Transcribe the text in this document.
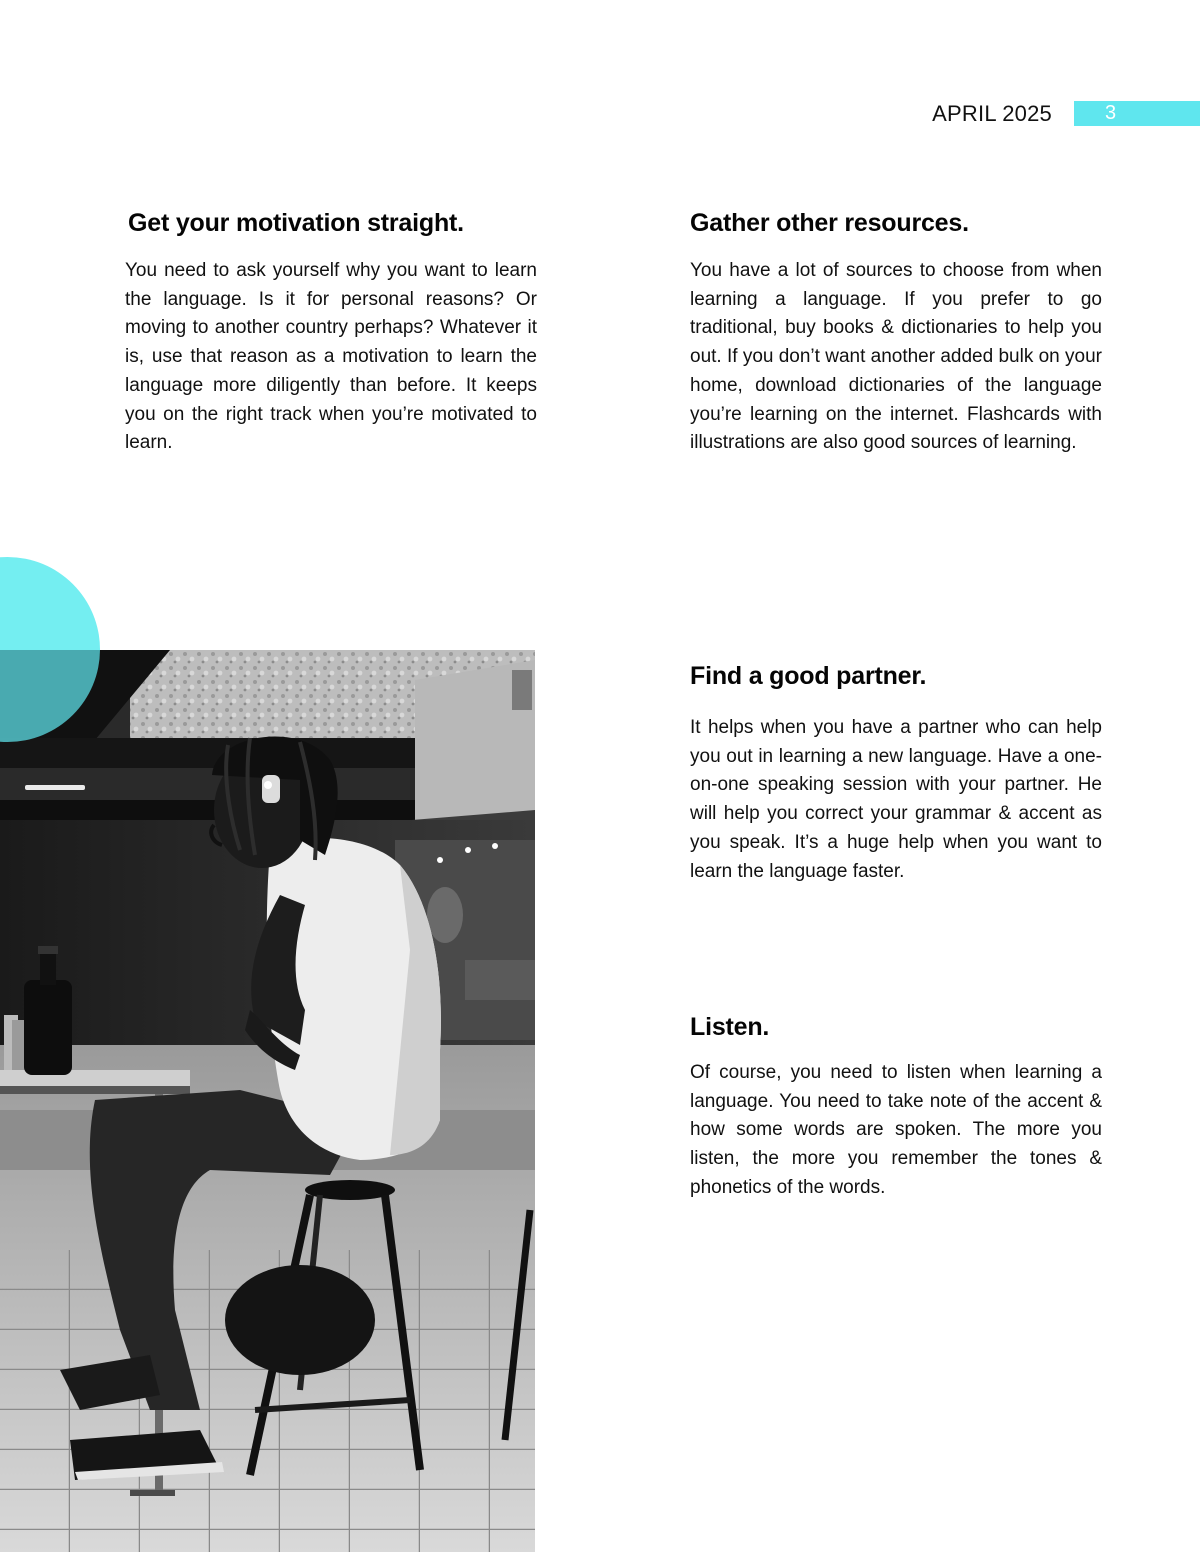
APRIL 2025	3
Get your motivation straight.

You need to ask yourself why you want to learn the language. Is it for personal reasons? Or moving to another country perhaps? Whatever it is, use that reason as a motivation to learn the language more diligently than before. It keeps you on the right track when you’re motivated to learn.

Gather other resources.

You have a lot of sources to choose from when learning a language. If you prefer to go traditional, buy books & dictionaries to help you out. If you don’t want another added bulk on your home, download dictionaries of the language you’re learning on the internet. Flashcards with illustrations are also good sources of learning.

Find a good partner.

It helps when you have a partner who can help you out in learning a new language. Have a one-on-one speaking session with your partner. He will help you correct your grammar & accent as you speak. It’s a huge help when you want to learn the language faster.

Listen.

Of course, you need to listen when learning a language. You need to take note of the accent & how some words are spoken. The more you listen, the more you remember the tones & phonetics of the words.
